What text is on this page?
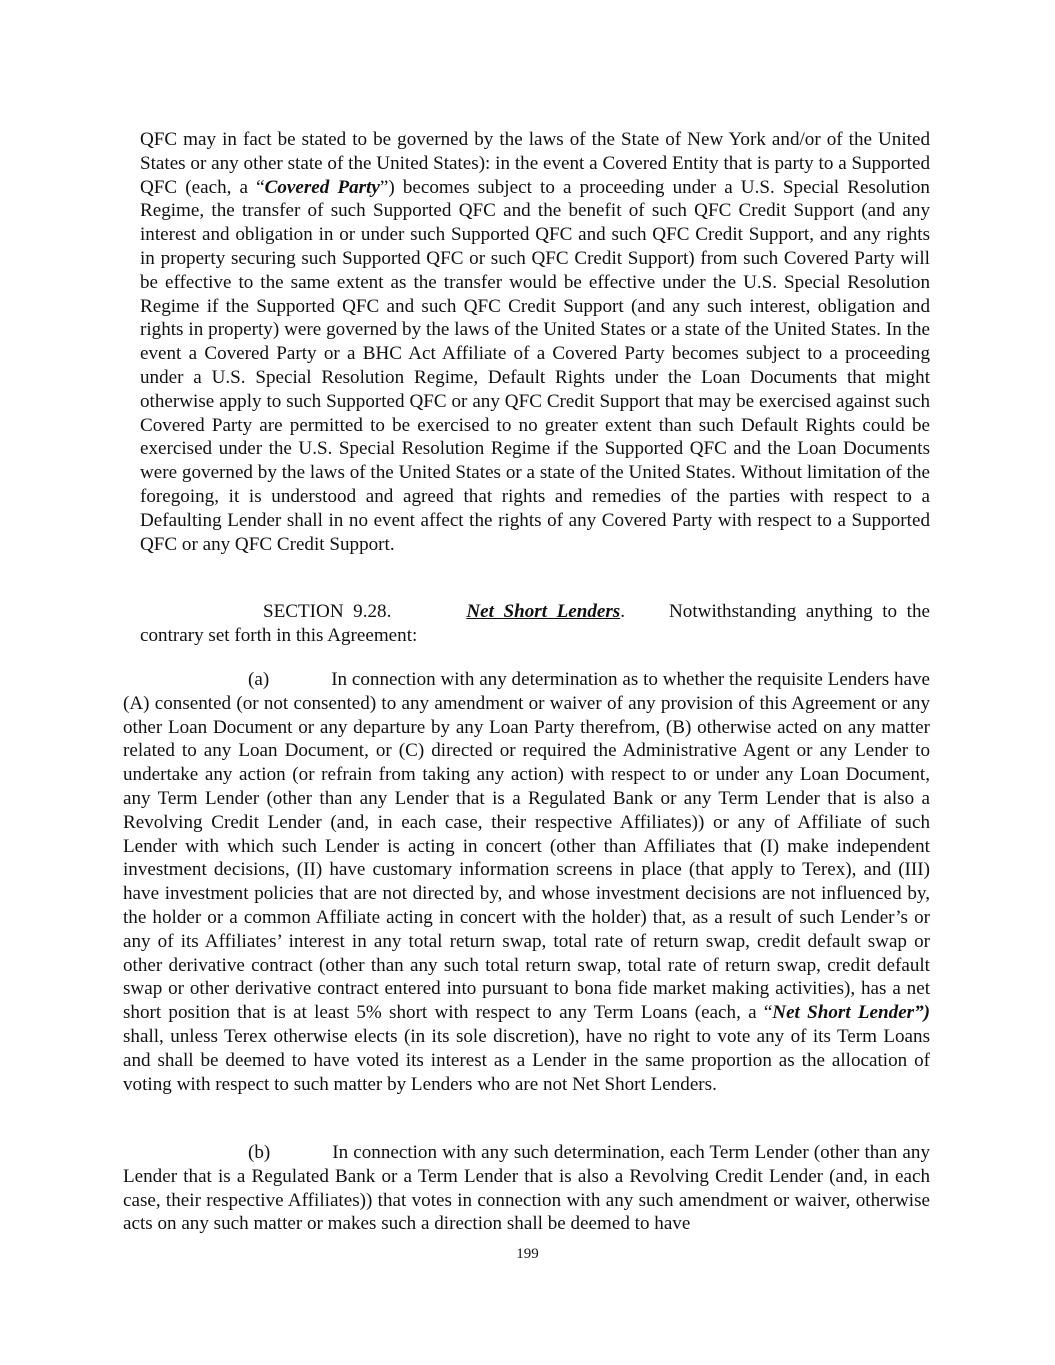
QFC may in fact be stated to be governed by the laws of the State of New York and/or of the United States or any other state of the United States): in the event a Covered Entity that is party to a Supported QFC (each, a “Covered Party”) becomes subject to a proceeding under a U.S. Special Resolution Regime, the transfer of such Supported QFC and the benefit of such QFC Credit Support (and any interest and obligation in or under such Supported QFC and such QFC Credit Support, and any rights in property securing such Supported QFC or such QFC Credit Support) from such Covered Party will be effective to the same extent as the transfer would be effective under the U.S. Special Resolution Regime if the Supported QFC and such QFC Credit Support (and any such interest, obligation and rights in property) were governed by the laws of the United States or a state of the United States. In the event a Covered Party or a BHC Act Affiliate of a Covered Party becomes subject to a proceeding under a U.S. Special Resolution Regime, Default Rights under the Loan Documents that might otherwise apply to such Supported QFC or any QFC Credit Support that may be exercised against such Covered Party are permitted to be exercised to no greater extent than such Default Rights could be exercised under the U.S. Special Resolution Regime if the Supported QFC and the Loan Documents were governed by the laws of the United States or a state of the United States. Without limitation of the foregoing, it is understood and agreed that rights and remedies of the parties with respect to a Defaulting Lender shall in no event affect the rights of any Covered Party with respect to a Supported QFC or any QFC Credit Support.

SECTION 9.28.	Net Short Lenders. Notwithstanding anything to the contrary set forth in this Agreement:

(a)	In connection with any determination as to whether the requisite Lenders have (A) consented (or not consented) to any amendment or waiver of any provision of this Agreement or any other Loan Document or any departure by any Loan Party therefrom, (B) otherwise acted on any matter related to any Loan Document, or (C) directed or required the Administrative Agent or any Lender to undertake any action (or refrain from taking any action) with respect to or under any Loan Document, any Term Lender (other than any Lender that is a Regulated Bank or any Term Lender that is also a Revolving Credit Lender (and, in each case, their respective Affiliates)) or any of Affiliate of such Lender with which such Lender is acting in concert (other than Affiliates that (I) make independent investment decisions, (II) have customary information screens in place (that apply to Terex), and (III) have investment policies that are not directed by, and whose investment decisions are not influenced by, the holder or a common Affiliate acting in concert with the holder) that, as a result of such Lender’s or any of its Affiliates’ interest in any total return swap, total rate of return swap, credit default swap or other derivative contract (other than any such total return swap, total rate of return swap, credit default swap or other derivative contract entered into pursuant to bona fide market making activities), has a net short position that is at least 5% short with respect to any Term Loans (each, a “Net Short Lender”) shall, unless Terex otherwise elects (in its sole discretion), have no right to vote any of its Term Loans and shall be deemed to have voted its interest as a Lender in the same proportion as the allocation of voting with respect to such matter by Lenders who are not Net Short Lenders.

(b)	In connection with any such determination, each Term Lender (other than any Lender that is a Regulated Bank or a Term Lender that is also a Revolving Credit Lender (and, in each case, their respective Affiliates)) that votes in connection with any such amendment or waiver, otherwise acts on any such matter or makes such a direction shall be deemed to have

199
